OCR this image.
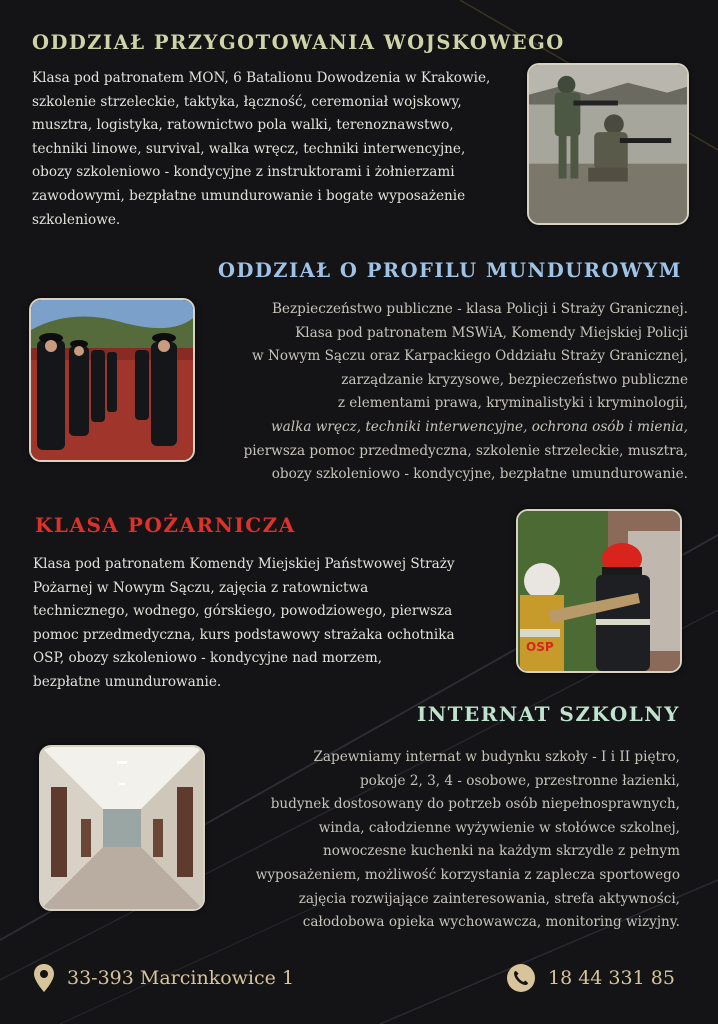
ODDZIAŁ PRZYGOTOWANIA WOJSKOWEGO
Klasa pod patronatem MON, 6 Batalionu Dowodzenia w Krakowie,
szkolenie strzeleckie, taktyka, łączność, ceremoniał wojskowy,
musztra, logistyka, ratownictwo pola walki, terenoznawstwo,
techniki linowe, survival, walka wręcz, techniki interwencyjne,
obozy szkoleniowo - kondycyjne z instruktorami i żołnierzami
zawodowymi, bezpłatne umundurowanie i bogate wyposażenie
szkoleniowe.
ODDZIAŁ O PROFILU MUNDUROWYM
Bezpieczeństwo publiczne - klasa Policji i Straży Granicznej.
Klasa pod patronatem MSWiA, Komendy Miejskiej Policji
w Nowym Sączu oraz Karpackiego Oddziału Straży Granicznej,
zarządzanie kryzysowe, bezpieczeństwo publiczne
z elementami prawa, kryminalistyki i kryminologii,
walka wręcz, techniki interwencyjne, ochrona osób i mienia,
pierwsza pomoc przedmedyczna, szkolenie strzeleckie, musztra,
obozy szkoleniowo - kondycyjne, bezpłatne umundurowanie.
KLASA POŻARNICZA
Klasa pod patronatem Komendy Miejskiej Państwowej Straży
Pożarnej w Nowym Sączu, zajęcia z ratownictwa
technicznego, wodnego, górskiego, powodziowego, pierwsza
pomoc przedmedyczna, kurs podstawowy strażaka ochotnika
OSP, obozy szkoleniowo - kondycyjne nad morzem,
bezpłatne umundurowanie.
OSP
INTERNAT SZKOLNY
Zapewniamy internat w budynku szkoły - I i II piętro,
pokoje 2, 3, 4 - osobowe, przestronne łazienki,
budynek dostosowany do potrzeb osób niepełnosprawnych,
winda, całodzienne wyżywienie w stołówce szkolnej,
nowoczesne kuchenki na każdym skrzydle z pełnym
wyposażeniem, możliwość korzystania z zaplecza sportowego
zajęcia rozwijające zainteresowania, strefa aktywności,
całodobowa opieka wychowawcza, monitoring wizyjny.
33-393 Marcinkowice 1	18 44 331 85
